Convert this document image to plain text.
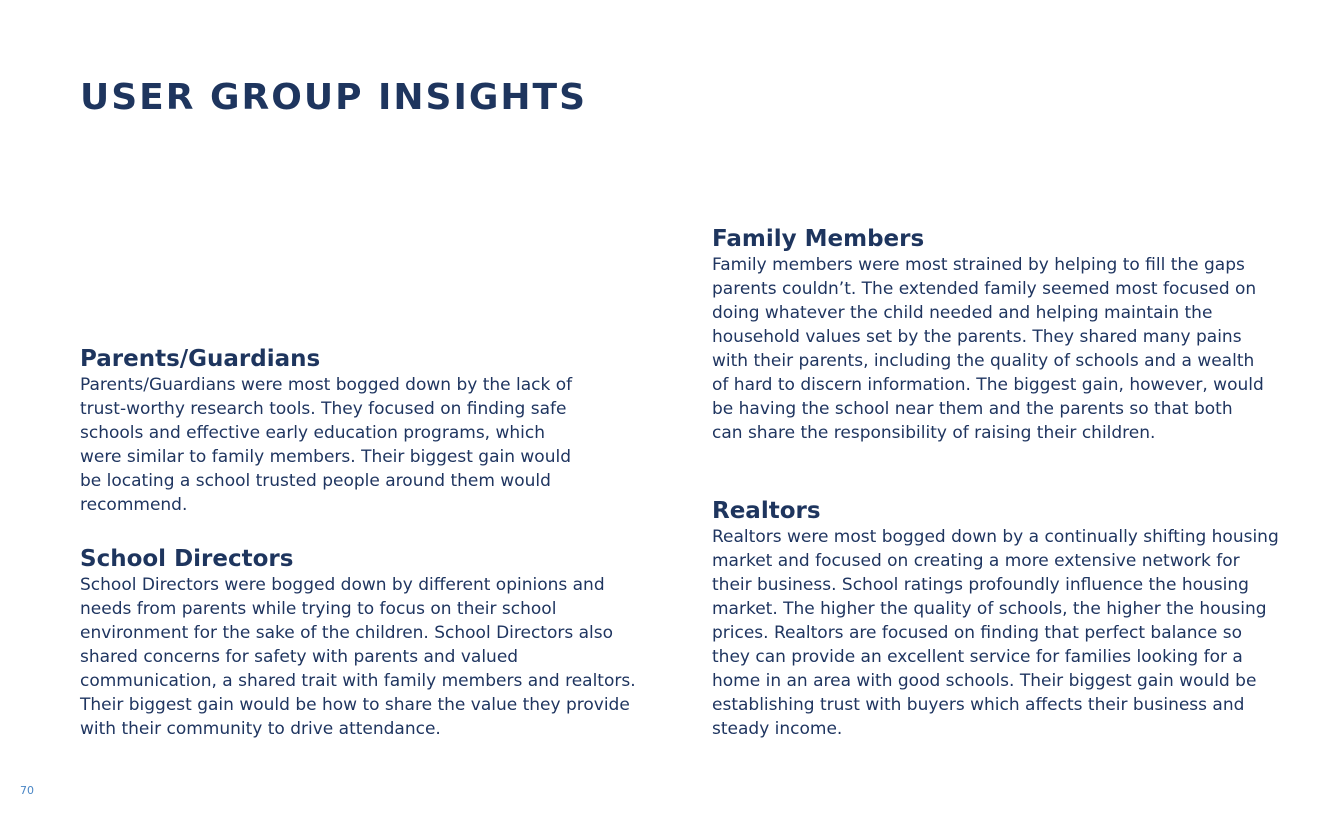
USER GROUP INSIGHTS
Parents/Guardians

Parents/Guardians were most bogged down by the lack of trust-worthy research tools. They focused on finding safe schools and effective early education programs, which were similar to family members. Their biggest gain would be locating a school trusted people around them would recommend.

School Directors

School Directors were bogged down by different opinions and needs from parents while trying to focus on their school environment for the sake of the children. School Directors also shared concerns for safety with parents and valued communication, a shared trait with family members and realtors. Their biggest gain would be how to share the value they provide with their community to drive attendance.

Family Members

Family members were most strained by helping to fill the gaps parents couldn’t. The extended family seemed most focused on doing whatever the child needed and helping maintain the household values set by the parents. They shared many pains with their parents, including the quality of schools and a wealth of hard to discern information. The biggest gain, however, would be having the school near them and the parents so that both can share the responsibility of raising their children.

Realtors

Realtors were most bogged down by a continually shifting housing market and focused on creating a more extensive network for their business. School ratings profoundly influence the housing market. The higher the quality of schools, the higher the housing prices. Realtors are focused on finding that perfect balance so they can provide an excellent service for families looking for a home in an area with good schools. Their biggest gain would be establishing trust with buyers which affects their business and steady income.

70
